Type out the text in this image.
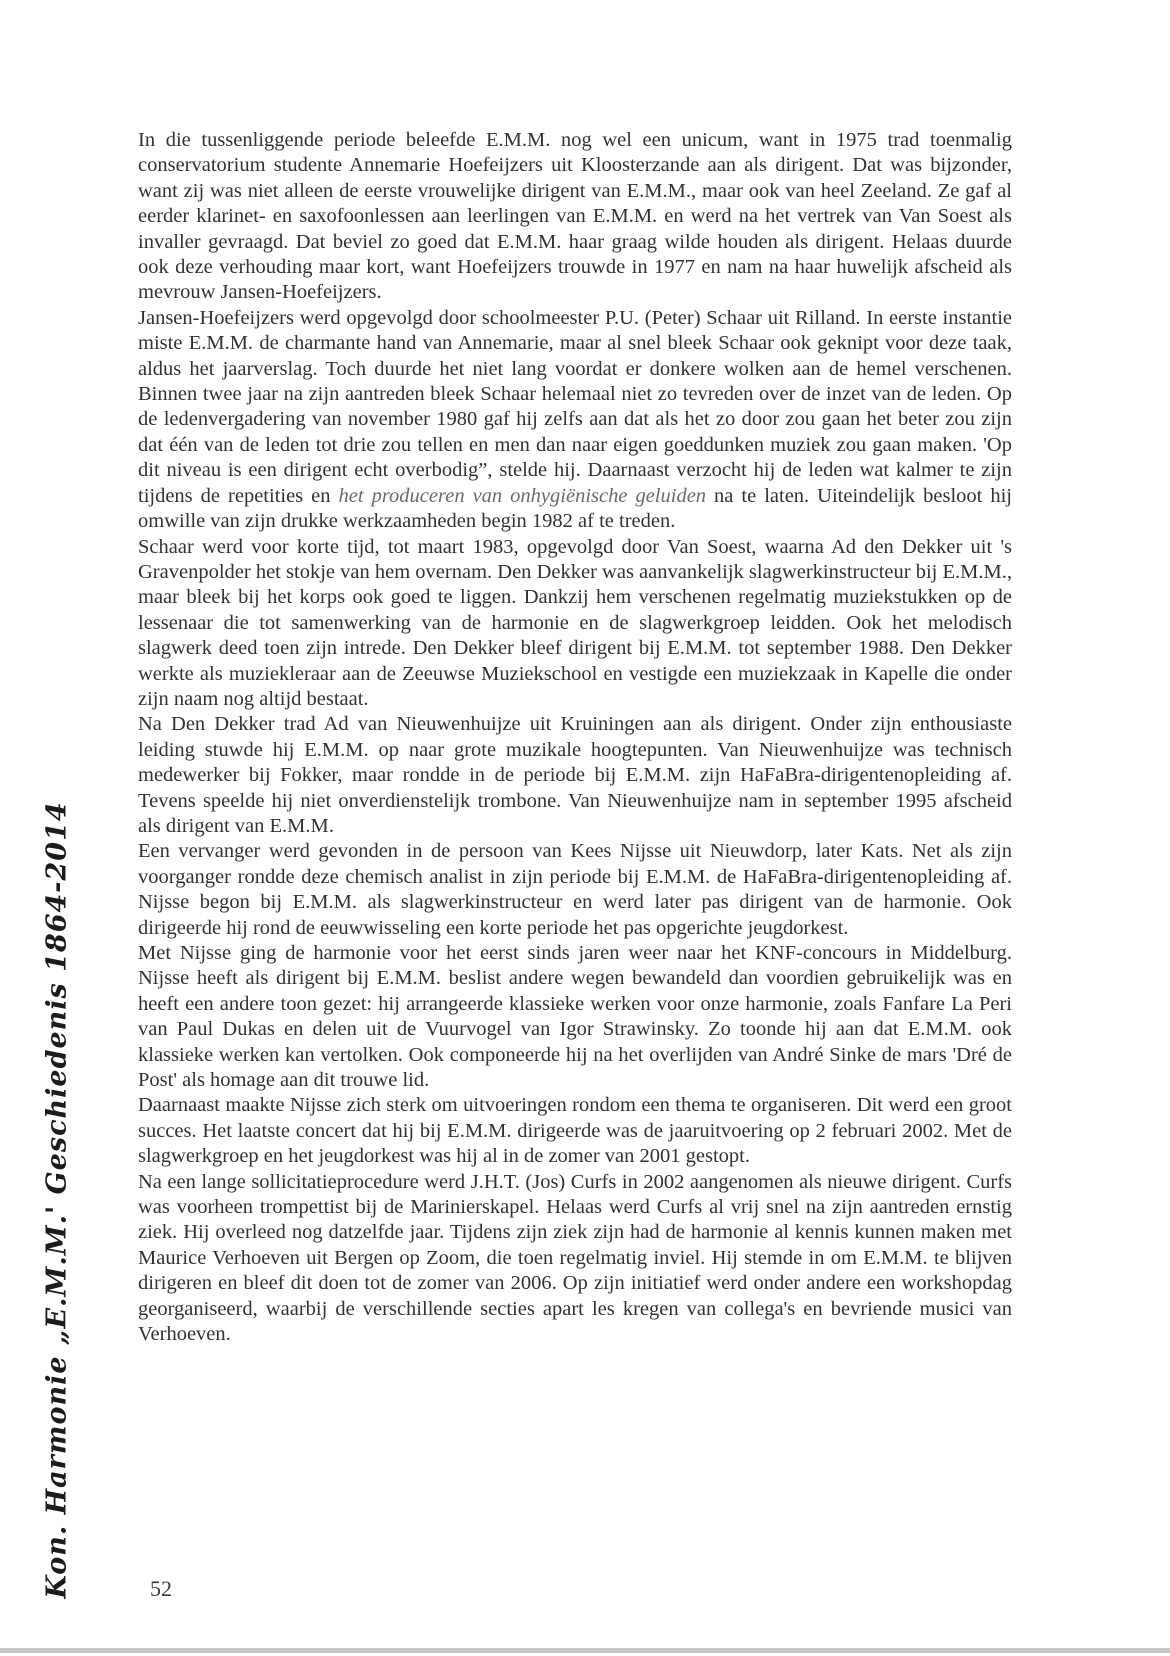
Kon. Harmonie „E.M.M.' Geschiedenis 1864-2014

In die tussenliggende periode beleefde E.M.M. nog wel een unicum, want in 1975 trad toenmalig conservatorium studente Annemarie Hoefeijzers uit Kloosterzande aan als dirigent. Dat was bijzonder, want zij was niet alleen de eerste vrouwelijke dirigent van E.M.M., maar ook van heel Zeeland. Ze gaf al eerder klarinet- en saxofoonlessen aan leerlingen van E.M.M. en werd na het vertrek van Van Soest als invaller gevraagd. Dat beviel zo goed dat E.M.M. haar graag wilde houden als dirigent. Helaas duurde ook deze verhouding maar kort, want Hoefeijzers trouwde in 1977 en nam na haar huwelijk afscheid als mevrouw Jansen-Hoefeijzers.

Jansen-Hoefeijzers werd opgevolgd door schoolmeester P.U. (Peter) Schaar uit Rilland. In eerste instantie miste E.M.M. de charmante hand van Annemarie, maar al snel bleek Schaar ook geknipt voor deze taak, aldus het jaarverslag. Toch duurde het niet lang voordat er donkere wolken aan de hemel verschenen. Binnen twee jaar na zijn aantreden bleek Schaar helemaal niet zo tevreden over de inzet van de leden. Op de ledenvergadering van november 1980 gaf hij zelfs aan dat als het zo door zou gaan het beter zou zijn dat één van de leden tot drie zou tellen en men dan naar eigen goeddunken muziek zou gaan maken. 'Op dit niveau is een dirigent echt overbodig”, stelde hij. Daarnaast verzocht hij de leden wat kalmer te zijn tijdens de repetities en het produceren van onhygiënische geluiden na te laten. Uiteindelijk besloot hij omwille van zijn drukke werkzaamheden begin 1982 af te treden.

Schaar werd voor korte tijd, tot maart 1983, opgevolgd door Van Soest, waarna Ad den Dekker uit 's Gravenpolder het stokje van hem overnam. Den Dekker was aanvankelijk slagwerkinstructeur bij E.M.M., maar bleek bij het korps ook goed te liggen. Dankzij hem verschenen regelmatig muziekstukken op de lessenaar die tot samenwerking van de harmonie en de slagwerkgroep leidden. Ook het melodisch slagwerk deed toen zijn intrede. Den Dekker bleef dirigent bij E.M.M. tot september 1988. Den Dekker werkte als muziekleraar aan de Zeeuwse Muziekschool en vestigde een muziekzaak in Kapelle die onder zijn naam nog altijd bestaat.

Na Den Dekker trad Ad van Nieuwenhuijze uit Kruiningen aan als dirigent. Onder zijn enthousiaste leiding stuwde hij E.M.M. op naar grote muzikale hoogtepunten. Van Nieuwenhuijze was technisch medewerker bij Fokker, maar rondde in de periode bij E.M.M. zijn HaFaBra-dirigentenopleiding af. Tevens speelde hij niet onverdienstelijk trombone. Van Nieuwenhuijze nam in september 1995 afscheid als dirigent van E.M.M.

Een vervanger werd gevonden in de persoon van Kees Nijsse uit Nieuwdorp, later Kats. Net als zijn voorganger rondde deze chemisch analist in zijn periode bij E.M.M. de HaFaBra-dirigentenopleiding af. Nijsse begon bij E.M.M. als slagwerkinstructeur en werd later pas dirigent van de harmonie. Ook dirigeerde hij rond de eeuwwisseling een korte periode het pas opgerichte jeugdorkest.

Met Nijsse ging de harmonie voor het eerst sinds jaren weer naar het KNF-concours in Middelburg. Nijsse heeft als dirigent bij E.M.M. beslist andere wegen bewandeld dan voordien gebruikelijk was en heeft een andere toon gezet: hij arrangeerde klassieke werken voor onze harmonie, zoals Fanfare La Peri van Paul Dukas en delen uit de Vuurvogel van Igor Strawinsky. Zo toonde hij aan dat E.M.M. ook klassieke werken kan vertolken. Ook componeerde hij na het overlijden van André Sinke de mars 'Dré de Post' als homage aan dit trouwe lid.

Daarnaast maakte Nijsse zich sterk om uitvoeringen rondom een thema te organiseren. Dit werd een groot succes. Het laatste concert dat hij bij E.M.M. dirigeerde was de jaaruitvoering op 2 februari 2002. Met de slagwerkgroep en het jeugdorkest was hij al in de zomer van 2001 gestopt.

Na een lange sollicitatieprocedure werd J.H.T. (Jos) Curfs in 2002 aangenomen als nieuwe dirigent. Curfs was voorheen trompettist bij de Marinierskapel. Helaas werd Curfs al vrij snel na zijn aantreden ernstig ziek. Hij overleed nog datzelfde jaar. Tijdens zijn ziek zijn had de harmonie al kennis kunnen maken met Maurice Verhoeven uit Bergen op Zoom, die toen regelmatig inviel. Hij stemde in om E.M.M. te blijven dirigeren en bleef dit doen tot de zomer van 2006. Op zijn initiatief werd onder andere een workshopdag georganiseerd, waarbij de verschillende secties apart les kregen van collega's en bevriende musici van Verhoeven.

52
